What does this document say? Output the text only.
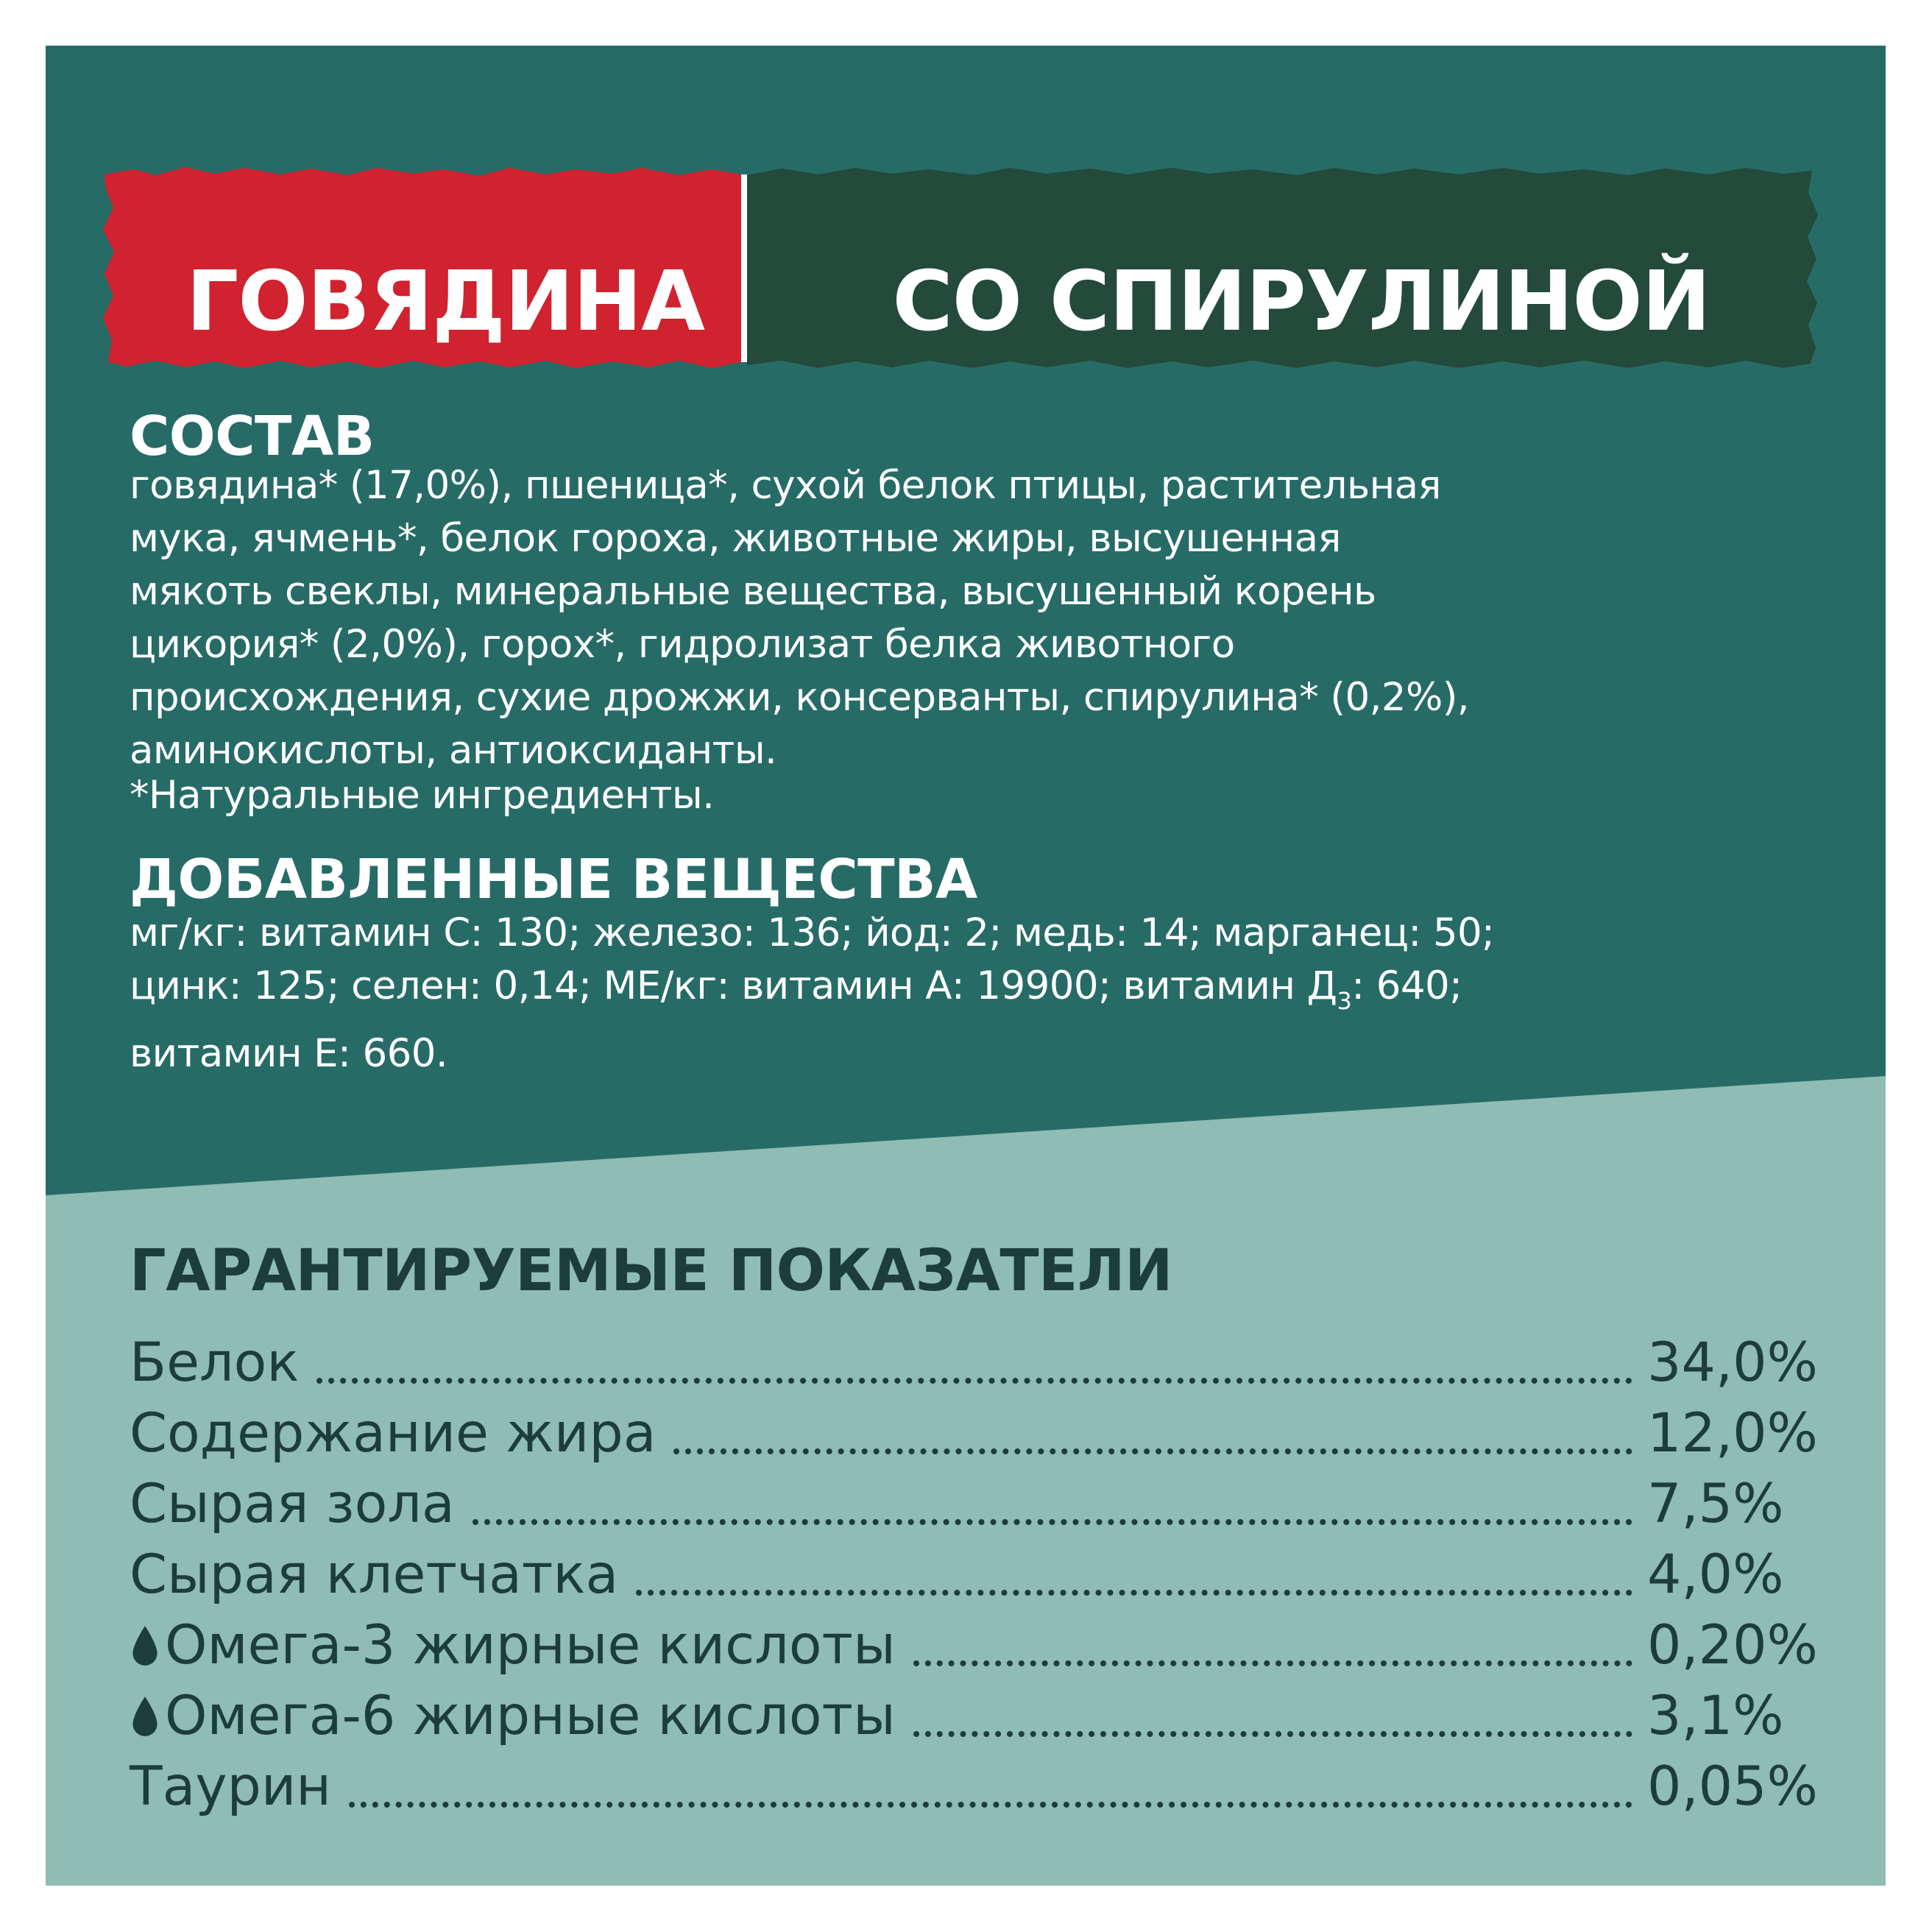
ГОВЯДИНА	СО СПИРУЛИНОЙ
СОСТАВ
говядина* (17,0%), пшеница*, сухой белок птицы, растительная
мука, ячмень*, белок гороха, животные жиры, высушенная
мякоть свеклы, минеральные вещества, высушенный корень
цикория* (2,0%), горох*, гидролизат белка животного
происхождения, сухие дрожжи, консерванты, спирулина* (0,2%),
аминокислоты, антиоксиданты.
*Натуральные ингредиенты.
ДОБАВЛЕННЫЕ ВЕЩЕСТВА
мг/кг: витамин С: 130; железо: 136; йод: 2; медь: 14; марганец: 50;
цинк: 125; селен: 0,14; МЕ/кг: витамин А: 19900; витамин $Д_3$: 640;
витамин Е: 660.
ГАРАНТИРУЕМЫЕ ПОКАЗАТЕЛИ
Белок	34,0%
Содержание жира	12,0%
Сырая зола	7,5%
Сырая клетчатка	4,0%
Омега-3 жирные кислоты	0,20%
Омега-6 жирные кислоты	3,1%
Таурин	0,05%
